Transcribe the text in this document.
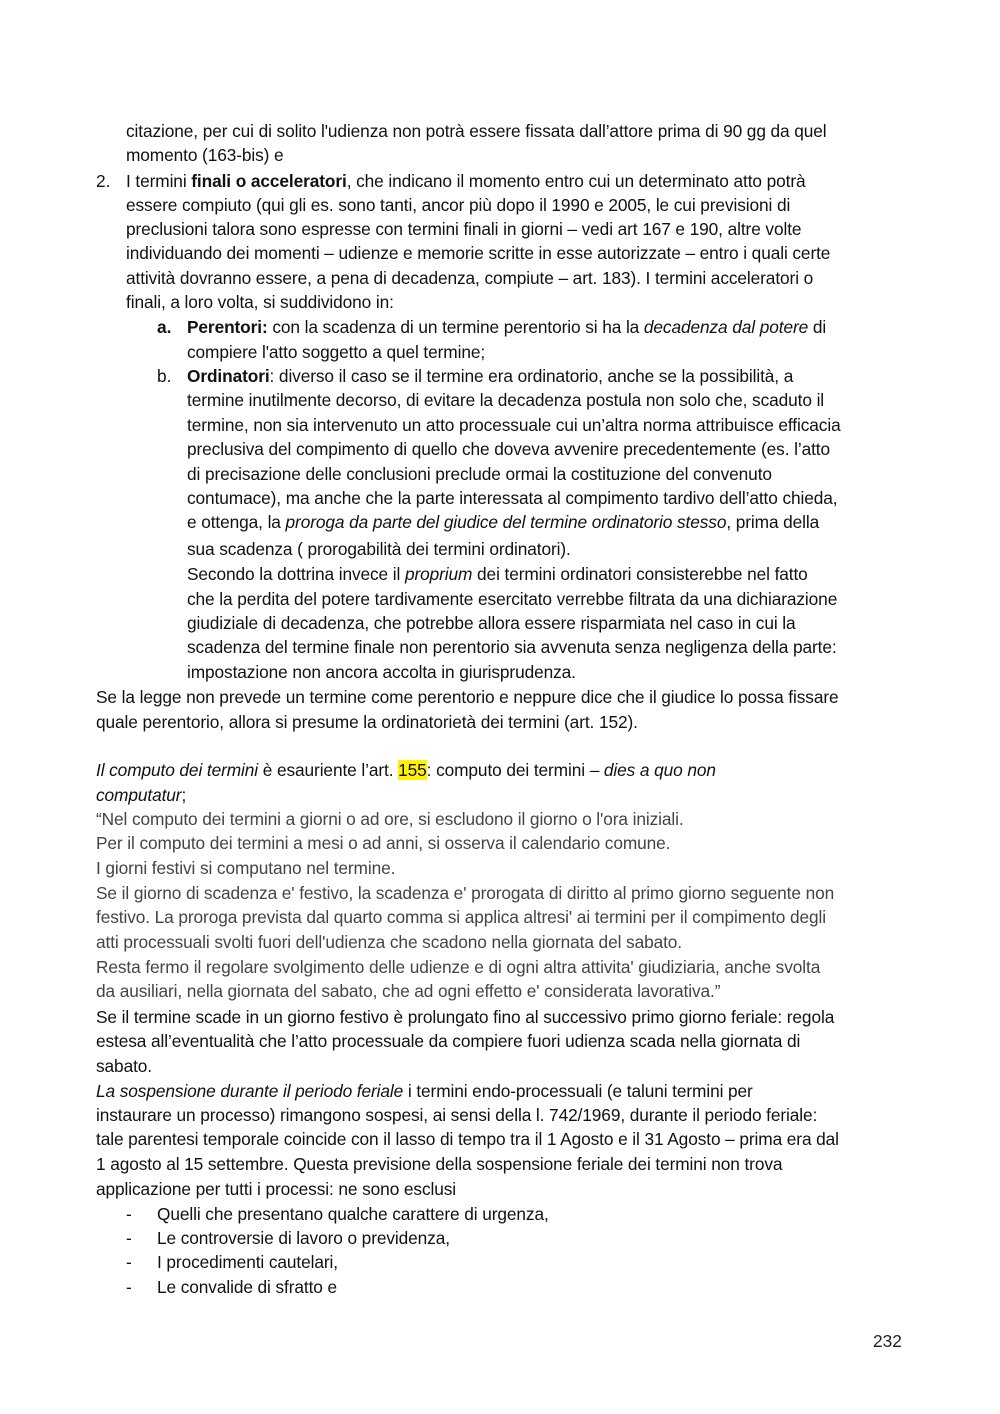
citazione, per cui di solito l'udienza non potrà essere fissata dall’attore prima di 90 gg da quel
momento (163-bis) e
2. I termini finali o acceleratori, che indicano il momento entro cui un determinato atto potrà
essere compiuto (qui gli es. sono tanti, ancor più dopo il 1990 e 2005, le cui previsioni di
preclusioni talora sono espresse con termini finali in giorni – vedi art 167 e 190, altre volte
individuando dei momenti – udienze e memorie scritte in esse autorizzate – entro i quali certe
attività dovranno essere, a pena di decadenza, compiute – art. 183). I termini acceleratori o
finali, a loro volta, si suddividono in:
a. Perentori: con la scadenza di un termine perentorio si ha la decadenza dal potere di
compiere l'atto soggetto a quel termine;
b. Ordinatori: diverso il caso se il termine era ordinatorio, anche se la possibilità, a
termine inutilmente decorso, di evitare la decadenza postula non solo che, scaduto il
termine, non sia intervenuto un atto processuale cui un’altra norma attribuisce efficacia
preclusiva del compimento di quello che doveva avvenire precedentemente (es. l’atto
di precisazione delle conclusioni preclude ormai la costituzione del convenuto
contumace), ma anche che la parte interessata al compimento tardivo dell’atto chieda,
e ottenga, la proroga da parte del giudice del termine ordinatorio stesso, prima della
sua scadenza ( prorogabilità dei termini ordinatori).
Secondo la dottrina invece il proprium dei termini ordinatori consisterebbe nel fatto
che la perdita del potere tardivamente esercitato verrebbe filtrata da una dichiarazione
giudiziale di decadenza, che potrebbe allora essere risparmiata nel caso in cui la
scadenza del termine finale non perentorio sia avvenuta senza negligenza della parte:
impostazione non ancora accolta in giurisprudenza.
Se la legge non prevede un termine come perentorio e neppure dice che il giudice lo possa fissare
quale perentorio, allora si presume la ordinatorietà dei termini (art. 152).
Il computo dei termini è esauriente l’art. 155: computo dei termini – dies a quo non
computatur;
“Nel computo dei termini a giorni o ad ore, si escludono il giorno o l'ora iniziali.
Per il computo dei termini a mesi o ad anni, si osserva il calendario comune.
I giorni festivi si computano nel termine.
Se il giorno di scadenza e' festivo, la scadenza e' prorogata di diritto al primo giorno seguente non
festivo. La proroga prevista dal quarto comma si applica altresi' ai termini per il compimento degli
atti processuali svolti fuori dell'udienza che scadono nella giornata del sabato.
Resta fermo il regolare svolgimento delle udienze e di ogni altra attivita' giudiziaria, anche svolta
da ausiliari, nella giornata del sabato, che ad ogni effetto e' considerata lavorativa.”
Se il termine scade in un giorno festivo è prolungato fino al successivo primo giorno feriale: regola
estesa all’eventualità che l’atto processuale da compiere fuori udienza scada nella giornata di
sabato.
La sospensione durante il periodo feriale i termini endo-processuali (e taluni termini per
instaurare un processo) rimangono sospesi, ai sensi della l. 742/1969, durante il periodo feriale:
tale parentesi temporale coincide con il lasso di tempo tra il 1 Agosto e il 31 Agosto – prima era dal
1 agosto al 15 settembre. Questa previsione della sospensione feriale dei termini non trova
applicazione per tutti i processi: ne sono esclusi
- Quelli che presentano qualche carattere di urgenza,
- Le controversie di lavoro o previdenza,
- I procedimenti cautelari,
- Le convalide di sfratto e
232
